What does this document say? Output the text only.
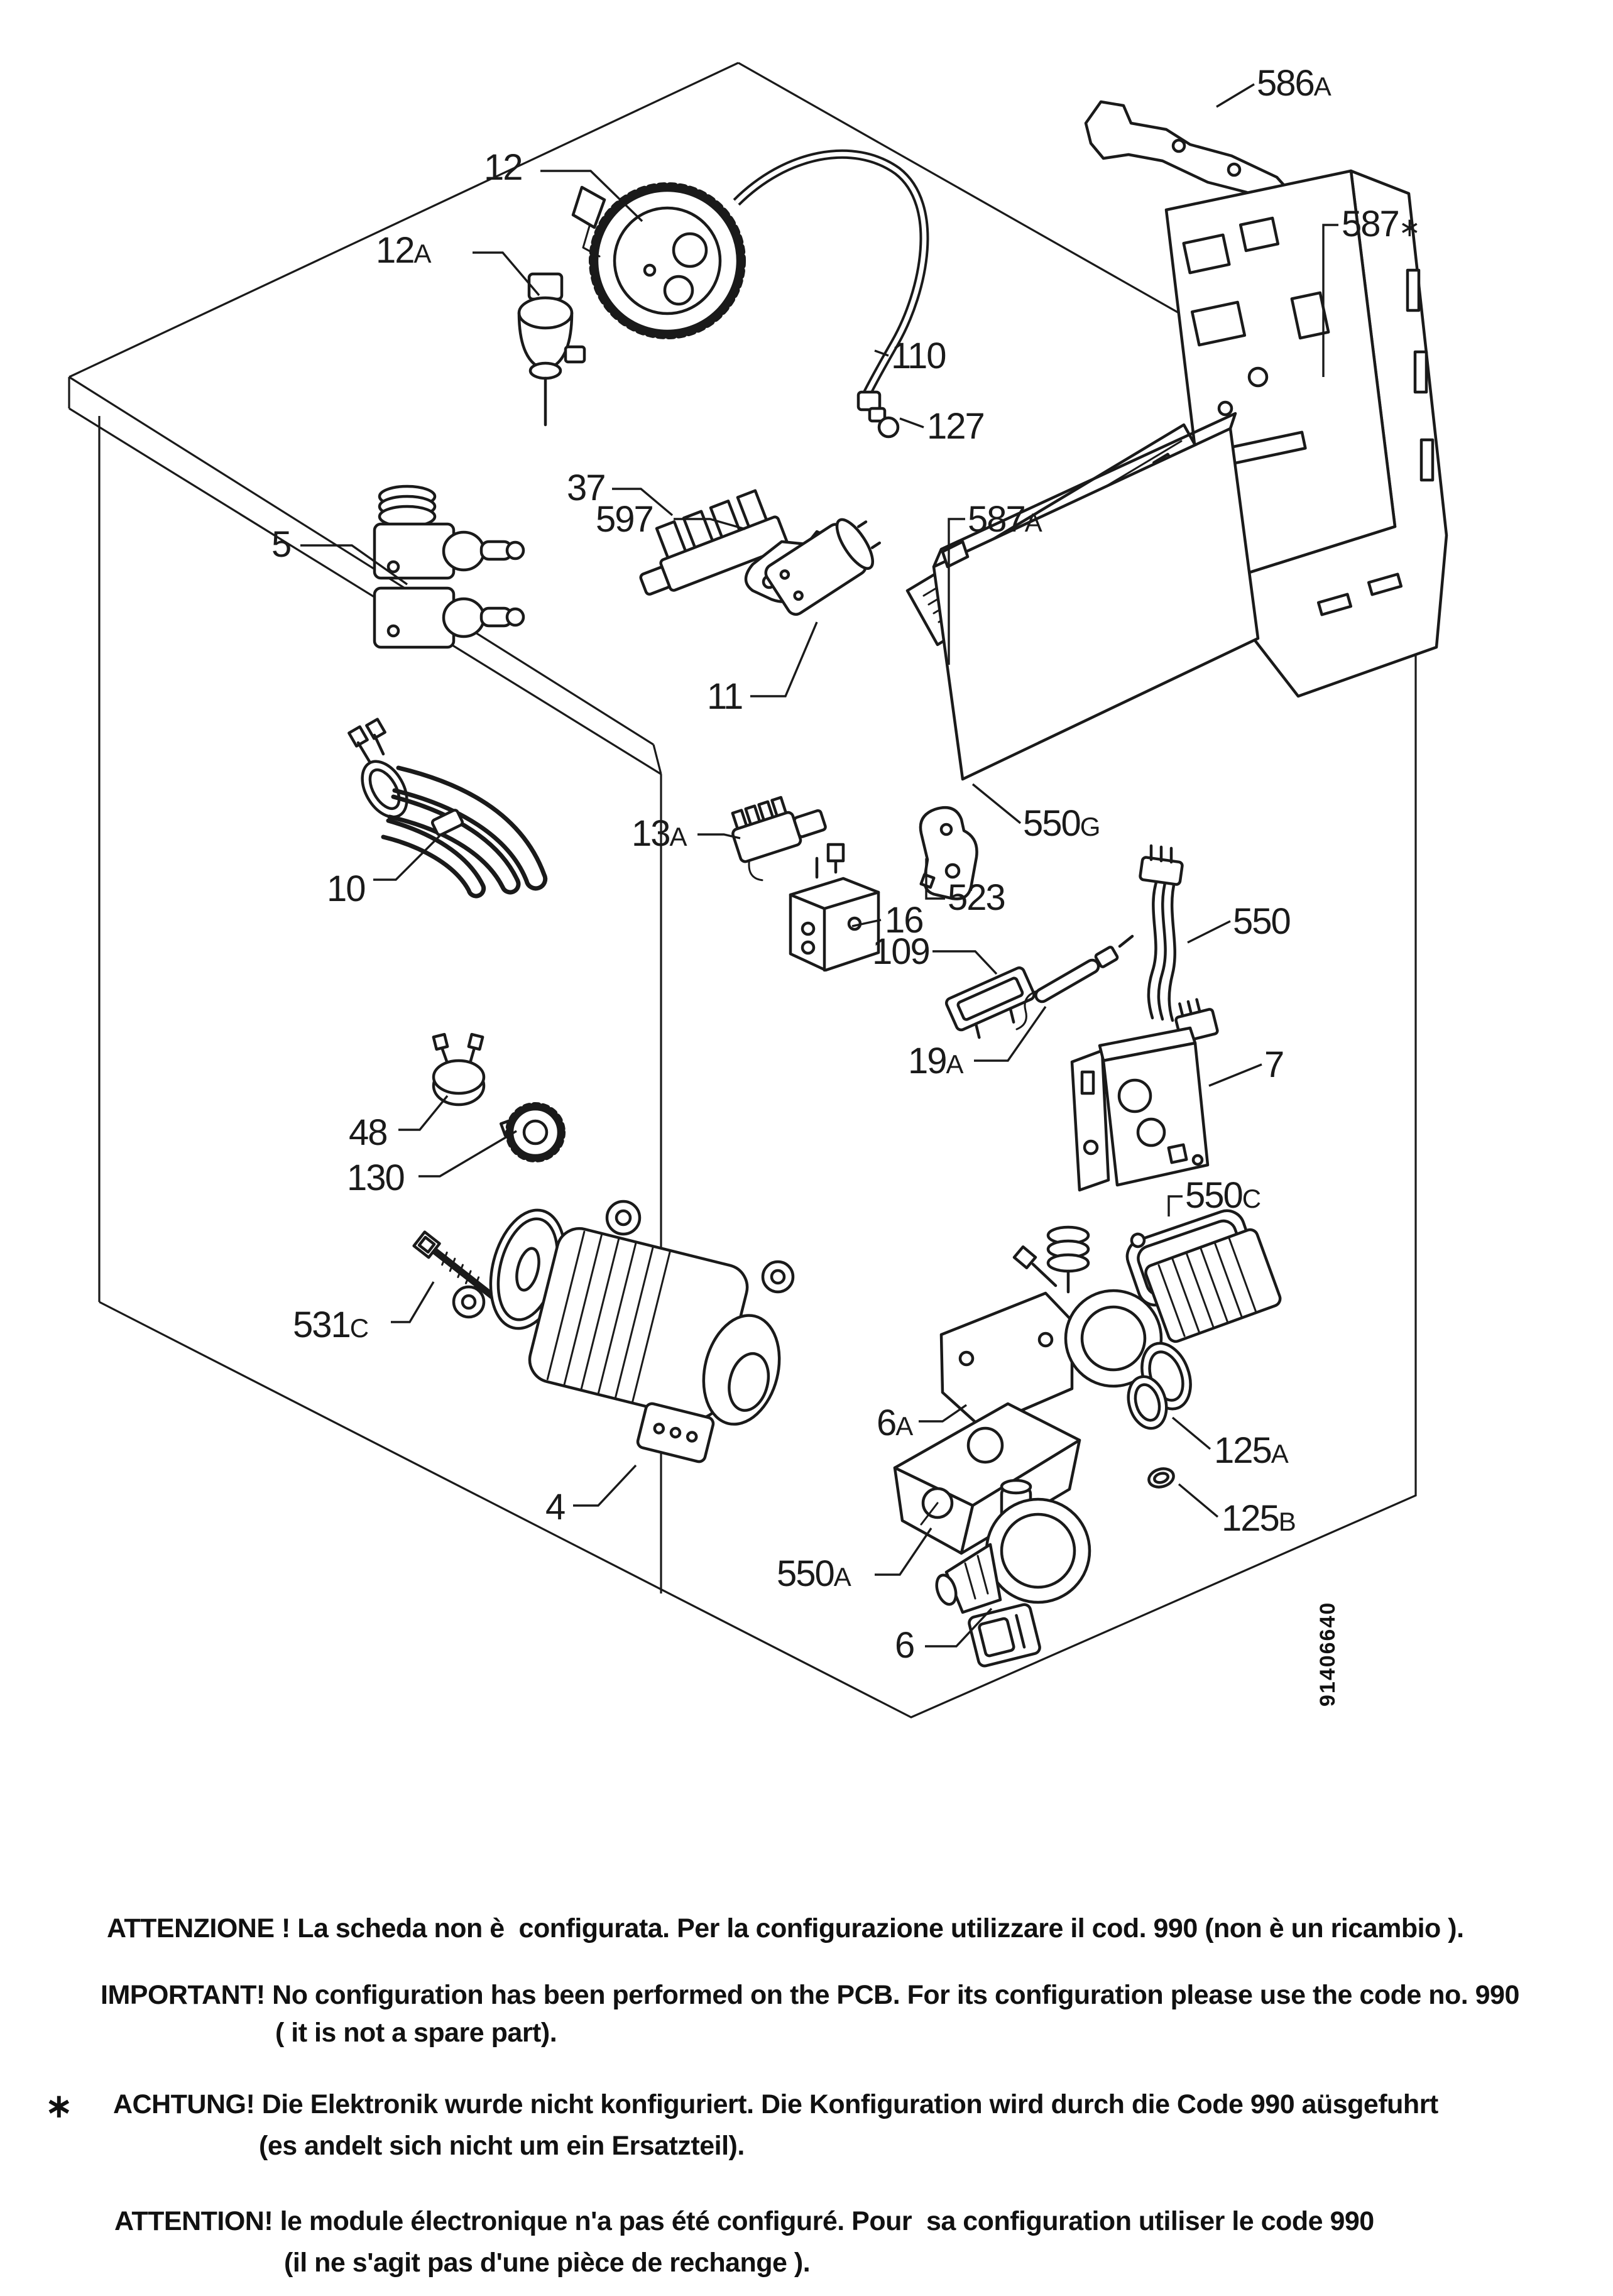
12
12A
110
127
586A
587∗
5
37
597	587A
11
550G
13A
16
523
10
109
550
19A	7
550C
48
130
531C
4
6A
550A
125A
125B
6	91406640
ATTENZIONE ! La scheda non è  configurata. Per la configurazione utilizzare il cod. 990 (non è un ricambio ).
IMPORTANT! No configuration has been performed on the PCB. For its configuration please use the code no. 990
( it is not a spare part).
ACHTUNG! Die Elektronik wurde nicht konfiguriert. Die Konfiguration wird durch die Code 990 aüsgefuhrt
(es andelt sich nicht um ein Ersatzteil).
ATTENTION! le module électronique n'a pas été configuré. Pour  sa configuration utiliser le code 990
(il ne s'agit pas d'une pièce de rechange ).
∗
